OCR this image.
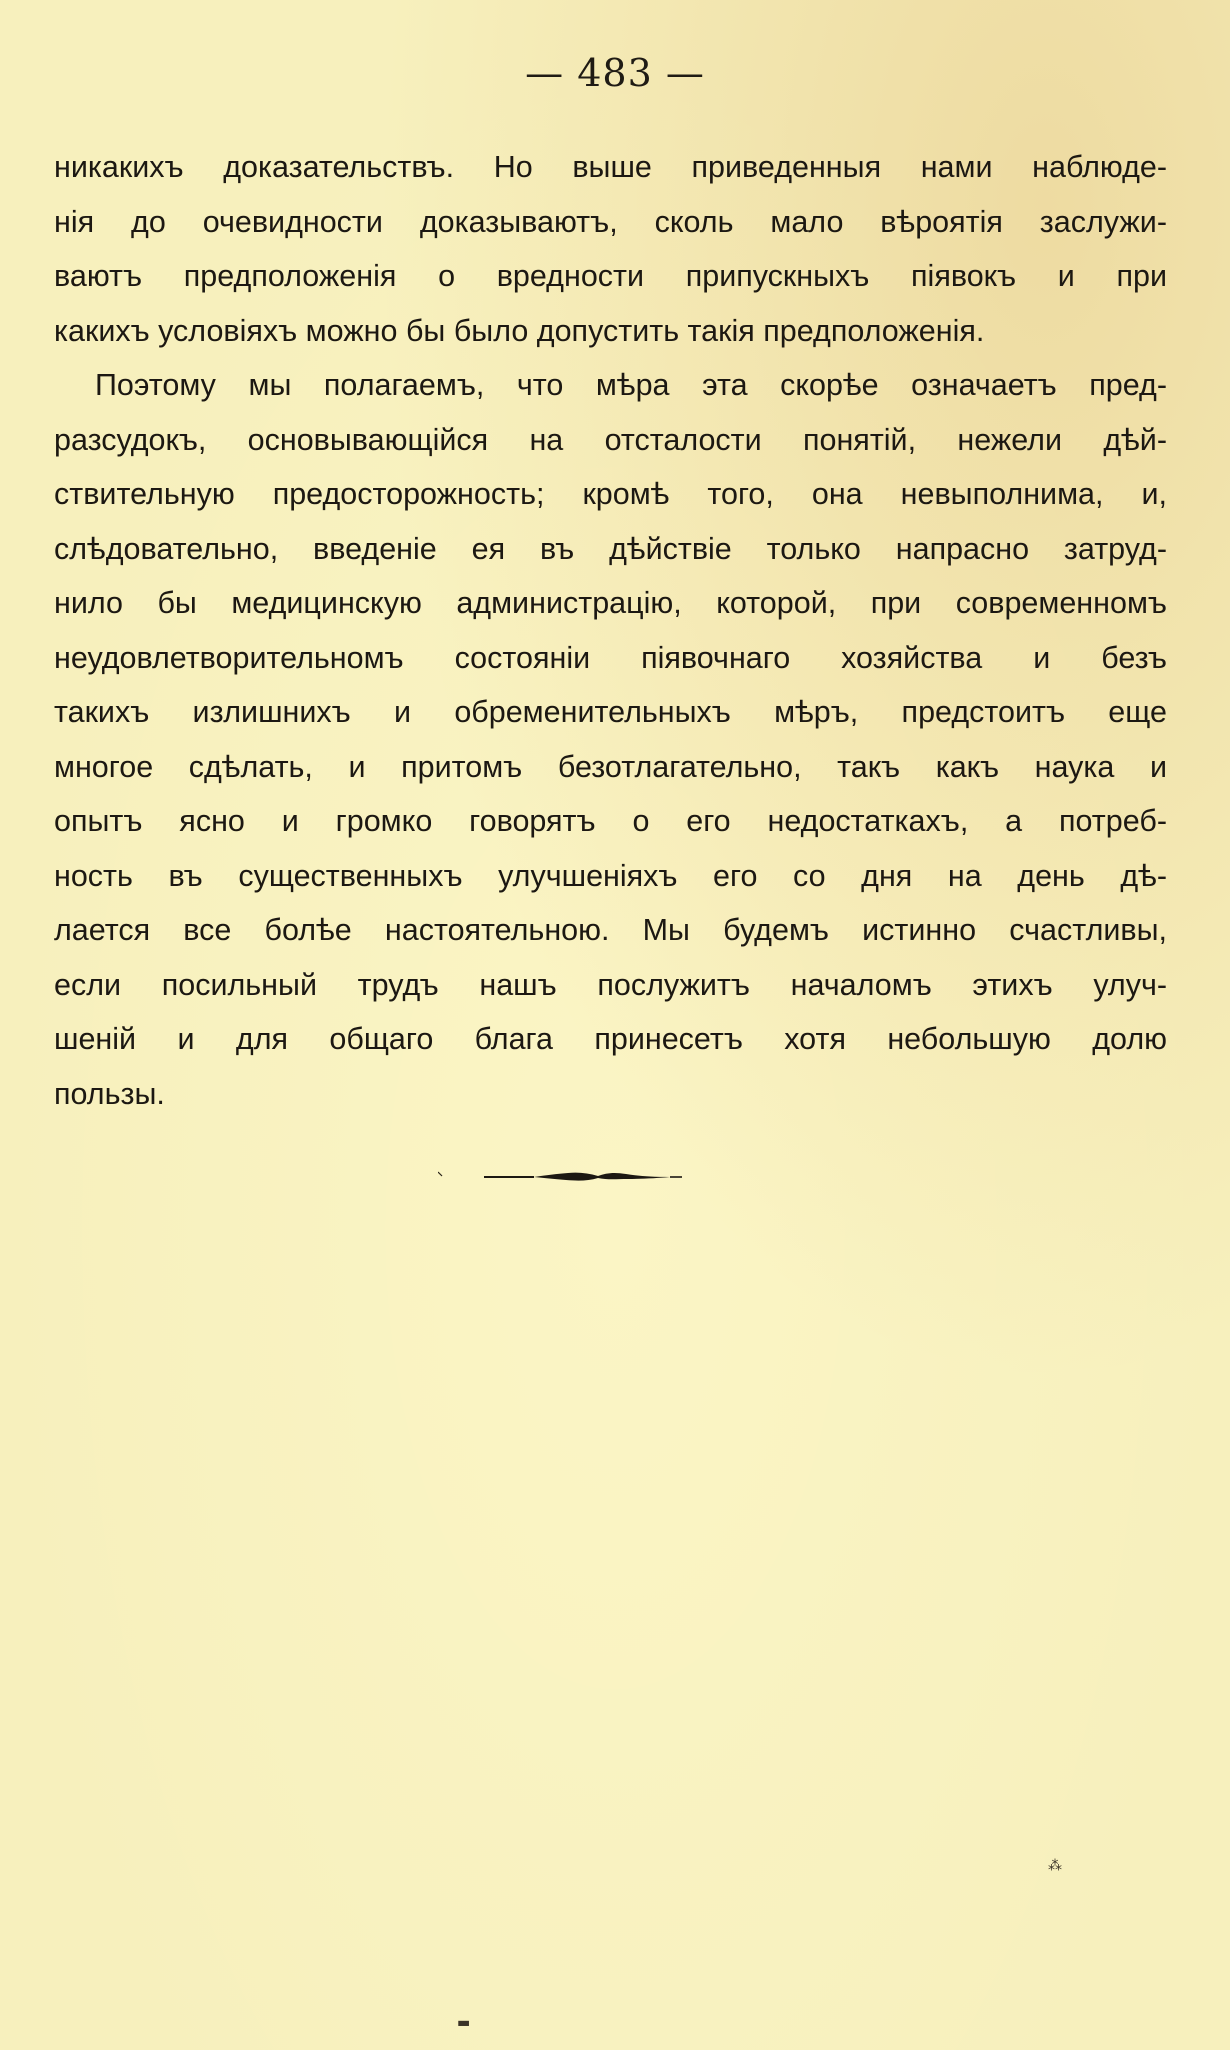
— 483 —
никакихъ доказательствъ. Но выше приведенныя нами наблюде-
нія до очевидности доказываютъ, сколь мало вѣроятія заслужи-
ваютъ предположенія о вредности припускныхъ піявокъ и при
какихъ условіяхъ можно бы было допустить такія предположенія.
Поэтому мы полагаемъ, что мѣра эта скорѣе означаетъ пред-
разсудокъ, основывающійся на отсталости понятій, нежели дѣй-
ствительную предосторожность; кромѣ того, она невыполнима, и,
слѣдовательно, введеніе ея въ дѣйствіе только напрасно затруд-
нило бы медицинскую администрацію, которой, при современномъ
неудовлетворительномъ состояніи піявочнаго хозяйства и безъ
такихъ излишнихъ и обременительныхъ мѣръ, предстоитъ еще
многое сдѣлать, и притомъ безотлагательно, такъ какъ наука и
опытъ ясно и громко говорятъ о его недостаткахъ, а потреб-
ность въ существенныхъ улучшеніяхъ его со дня на день дѣ-
лается все болѣе настоятельною. Мы будемъ истинно счастливы,
если посильный трудъ нашъ послужитъ началомъ этихъ улуч-
шеній и для общаго блага принесетъ хотя небольшую долю
пользы.
⁂
▬
